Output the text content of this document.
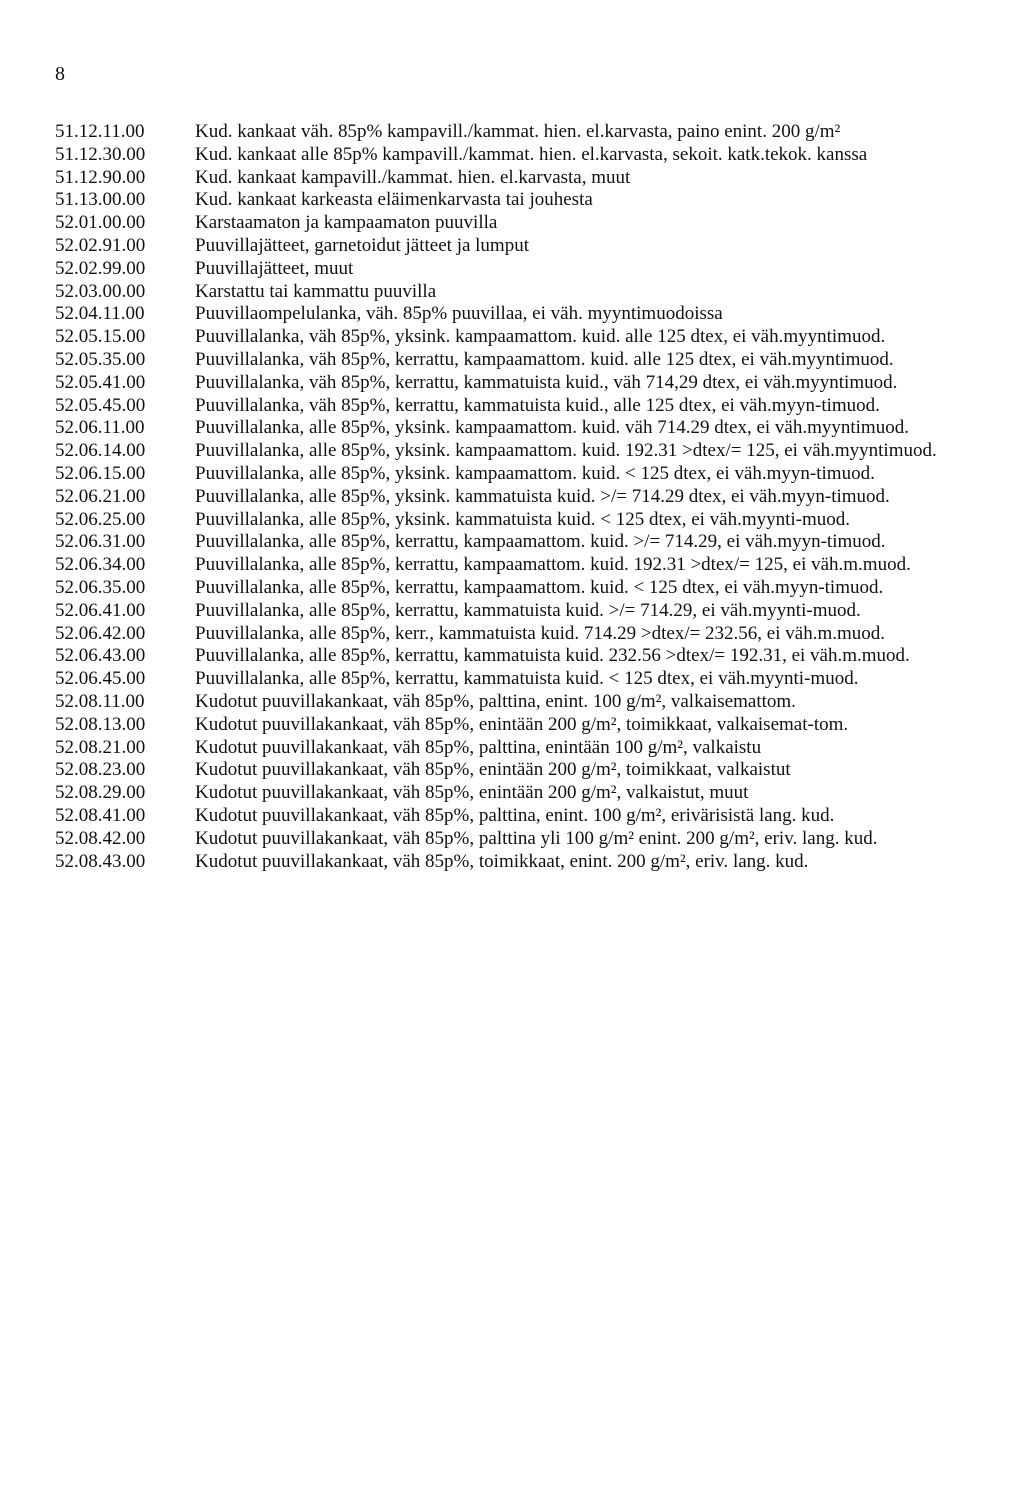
8
51.12.11.00	Kud. kankaat väh. 85p% kampavill./kammat. hien. el.karvasta, paino enint. 200 g/m²
51.12.30.00	Kud. kankaat alle 85p% kampavill./kammat. hien. el.karvasta, sekoit. katk.tekok. kanssa
51.12.90.00	Kud. kankaat kampavill./kammat. hien. el.karvasta, muut
51.13.00.00	Kud. kankaat karkeasta eläimenkarvasta tai jouhesta
52.01.00.00	Karstaamaton ja kampaamaton puuvilla
52.02.91.00	Puuvillajätteet, garnetoidut jätteet ja lumput
52.02.99.00	Puuvillajätteet, muut
52.03.00.00	Karstattu tai kammattu puuvilla
52.04.11.00	Puuvillaompelulanka, väh. 85p% puuvillaa, ei väh. myyntimuodoissa
52.05.15.00	Puuvillalanka, väh 85p%, yksink. kampaamattom. kuid. alle 125 dtex, ei väh.myyntimuod.
52.05.35.00	Puuvillalanka, väh 85p%, kerrattu, kampaamattom. kuid. alle 125 dtex, ei väh.myyntimuod.
52.05.41.00	Puuvillalanka, väh 85p%, kerrattu, kammatuista kuid., väh 714,29 dtex, ei väh.myyntimuod.
52.05.45.00	Puuvillalanka, väh 85p%, kerrattu, kammatuista kuid., alle 125 dtex, ei väh.myyn-timuod.
52.06.11.00	Puuvillalanka, alle 85p%, yksink. kampaamattom. kuid. väh 714.29 dtex, ei väh.myyntimuod.
52.06.14.00	Puuvillalanka, alle 85p%, yksink. kampaamattom. kuid. 192.31 >dtex/= 125, ei väh.myyntimuod.
52.06.15.00	Puuvillalanka, alle 85p%, yksink. kampaamattom. kuid. < 125 dtex, ei väh.myyn-timuod.
52.06.21.00	Puuvillalanka, alle 85p%, yksink. kammatuista kuid. >/= 714.29 dtex, ei väh.myyn-timuod.
52.06.25.00	Puuvillalanka, alle 85p%, yksink. kammatuista kuid. < 125 dtex, ei väh.myynti-muod.
52.06.31.00	Puuvillalanka, alle 85p%, kerrattu, kampaamattom. kuid. >/= 714.29, ei väh.myyn-timuod.
52.06.34.00	Puuvillalanka, alle 85p%, kerrattu, kampaamattom. kuid. 192.31 >dtex/= 125, ei väh.m.muod.
52.06.35.00	Puuvillalanka, alle 85p%, kerrattu, kampaamattom. kuid. < 125 dtex, ei väh.myyn-timuod.
52.06.41.00	Puuvillalanka, alle 85p%, kerrattu, kammatuista kuid. >/= 714.29, ei väh.myynti-muod.
52.06.42.00	Puuvillalanka, alle 85p%, kerr., kammatuista kuid. 714.29 >dtex/= 232.56, ei väh.m.muod.
52.06.43.00	Puuvillalanka, alle 85p%, kerrattu, kammatuista kuid. 232.56 >dtex/= 192.31, ei väh.m.muod.
52.06.45.00	Puuvillalanka, alle 85p%, kerrattu, kammatuista kuid. < 125 dtex, ei väh.myynti-muod.
52.08.11.00	Kudotut puuvillakankaat, väh 85p%, palttina, enint. 100 g/m², valkaisemattom.
52.08.13.00	Kudotut puuvillakankaat, väh 85p%, enintään 200 g/m², toimikkaat, valkaisemat-tom.
52.08.21.00	Kudotut puuvillakankaat, väh 85p%, palttina, enintään 100 g/m², valkaistu
52.08.23.00	Kudotut puuvillakankaat, väh 85p%, enintään 200 g/m², toimikkaat, valkaistut
52.08.29.00	Kudotut puuvillakankaat, väh 85p%, enintään 200 g/m², valkaistut, muut
52.08.41.00	Kudotut puuvillakankaat, väh 85p%, palttina, enint. 100 g/m², erivärisistä lang. kud.
52.08.42.00	Kudotut puuvillakankaat, väh 85p%, palttina yli 100 g/m² enint. 200 g/m², eriv. lang. kud.
52.08.43.00	Kudotut puuvillakankaat, väh 85p%, toimikkaat, enint. 200 g/m², eriv. lang. kud.
